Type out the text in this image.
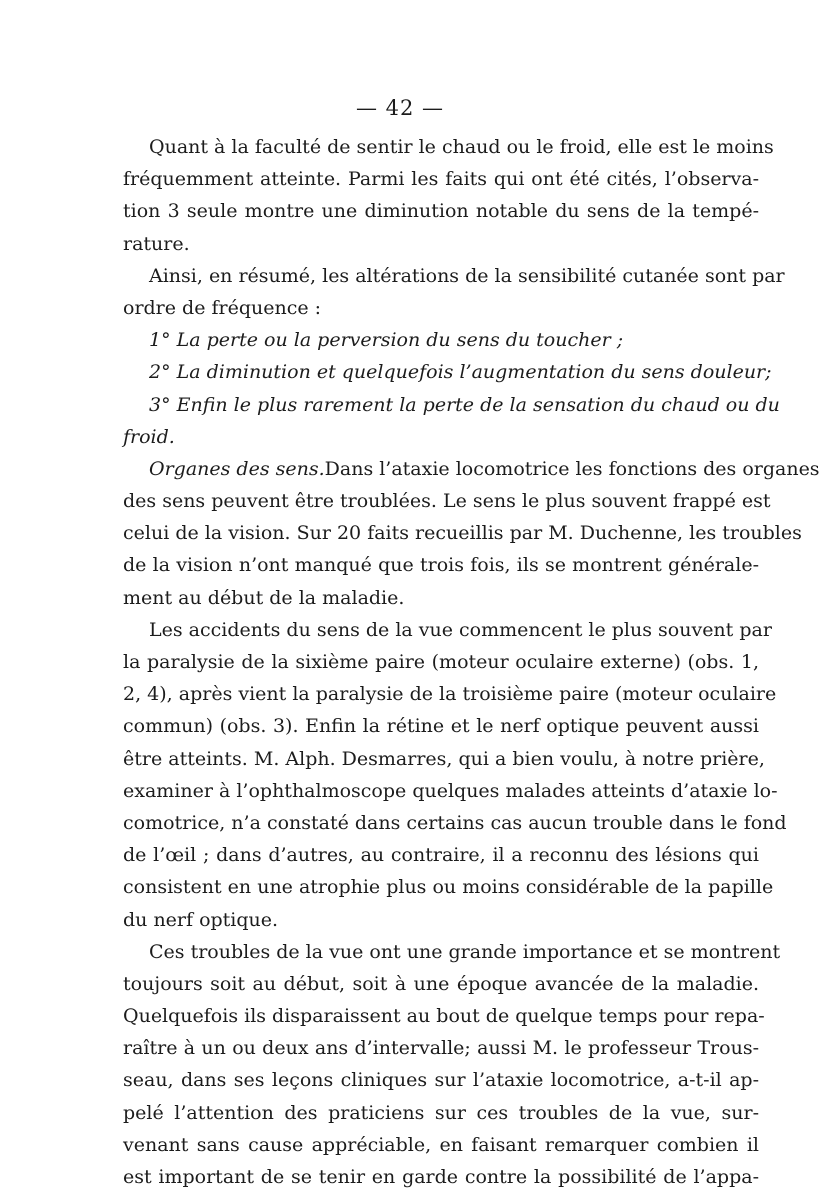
— 42 —
Quant à la faculté de sentir le chaud ou le froid, elle est le moins
fréquemment atteinte. Parmi les faits qui ont été cités, l’observa-
tion 3 seule montre une diminution notable du sens de la tempé-
rature.
Ainsi, en résumé, les altérations de la sensibilité cutanée sont par
ordre de fréquence :
1° La perte ou la perversion du sens du toucher ;
2° La diminution et quelquefois l’augmentation du sens douleur;
3° Enfin le plus rarement la perte de la sensation du chaud ou du
froid.
Organes des sens.Dans l’ataxie locomotrice les fonctions des organes
des sens peuvent être troublées. Le sens le plus souvent frappé est
celui de la vision. Sur 20 faits recueillis par M. Duchenne, les troubles
de la vision n’ont manqué que trois fois, ils se montrent générale-
ment au début de la maladie.
Les accidents du sens de la vue commencent le plus souvent par
la paralysie de la sixième paire (moteur oculaire externe) (obs. 1,
2, 4), après vient la paralysie de la troisième paire (moteur oculaire
commun) (obs. 3). Enfin la rétine et le nerf optique peuvent aussi
être atteints. M. Alph. Desmarres, qui a bien voulu, à notre prière,
examiner à l’ophthalmoscope quelques malades atteints d’ataxie lo-
comotrice, n’a constaté dans certains cas aucun trouble dans le fond
de l’œil ; dans d’autres, au contraire, il a reconnu des lésions qui
consistent en une atrophie plus ou moins considérable de la papille
du nerf optique.
Ces troubles de la vue ont une grande importance et se montrent
toujours soit au début, soit à une époque avancée de la maladie.
Quelquefois ils disparaissent au bout de quelque temps pour repa-
raître à un ou deux ans d’intervalle; aussi M. le professeur Trous-
seau, dans ses leçons cliniques sur l’ataxie locomotrice, a-t-il ap-
pelé l’attention des praticiens sur ces troubles de la vue, sur-
venant sans cause appréciable, en faisant remarquer combien il
est important de se tenir en garde contre la possibilité de l’appa-
